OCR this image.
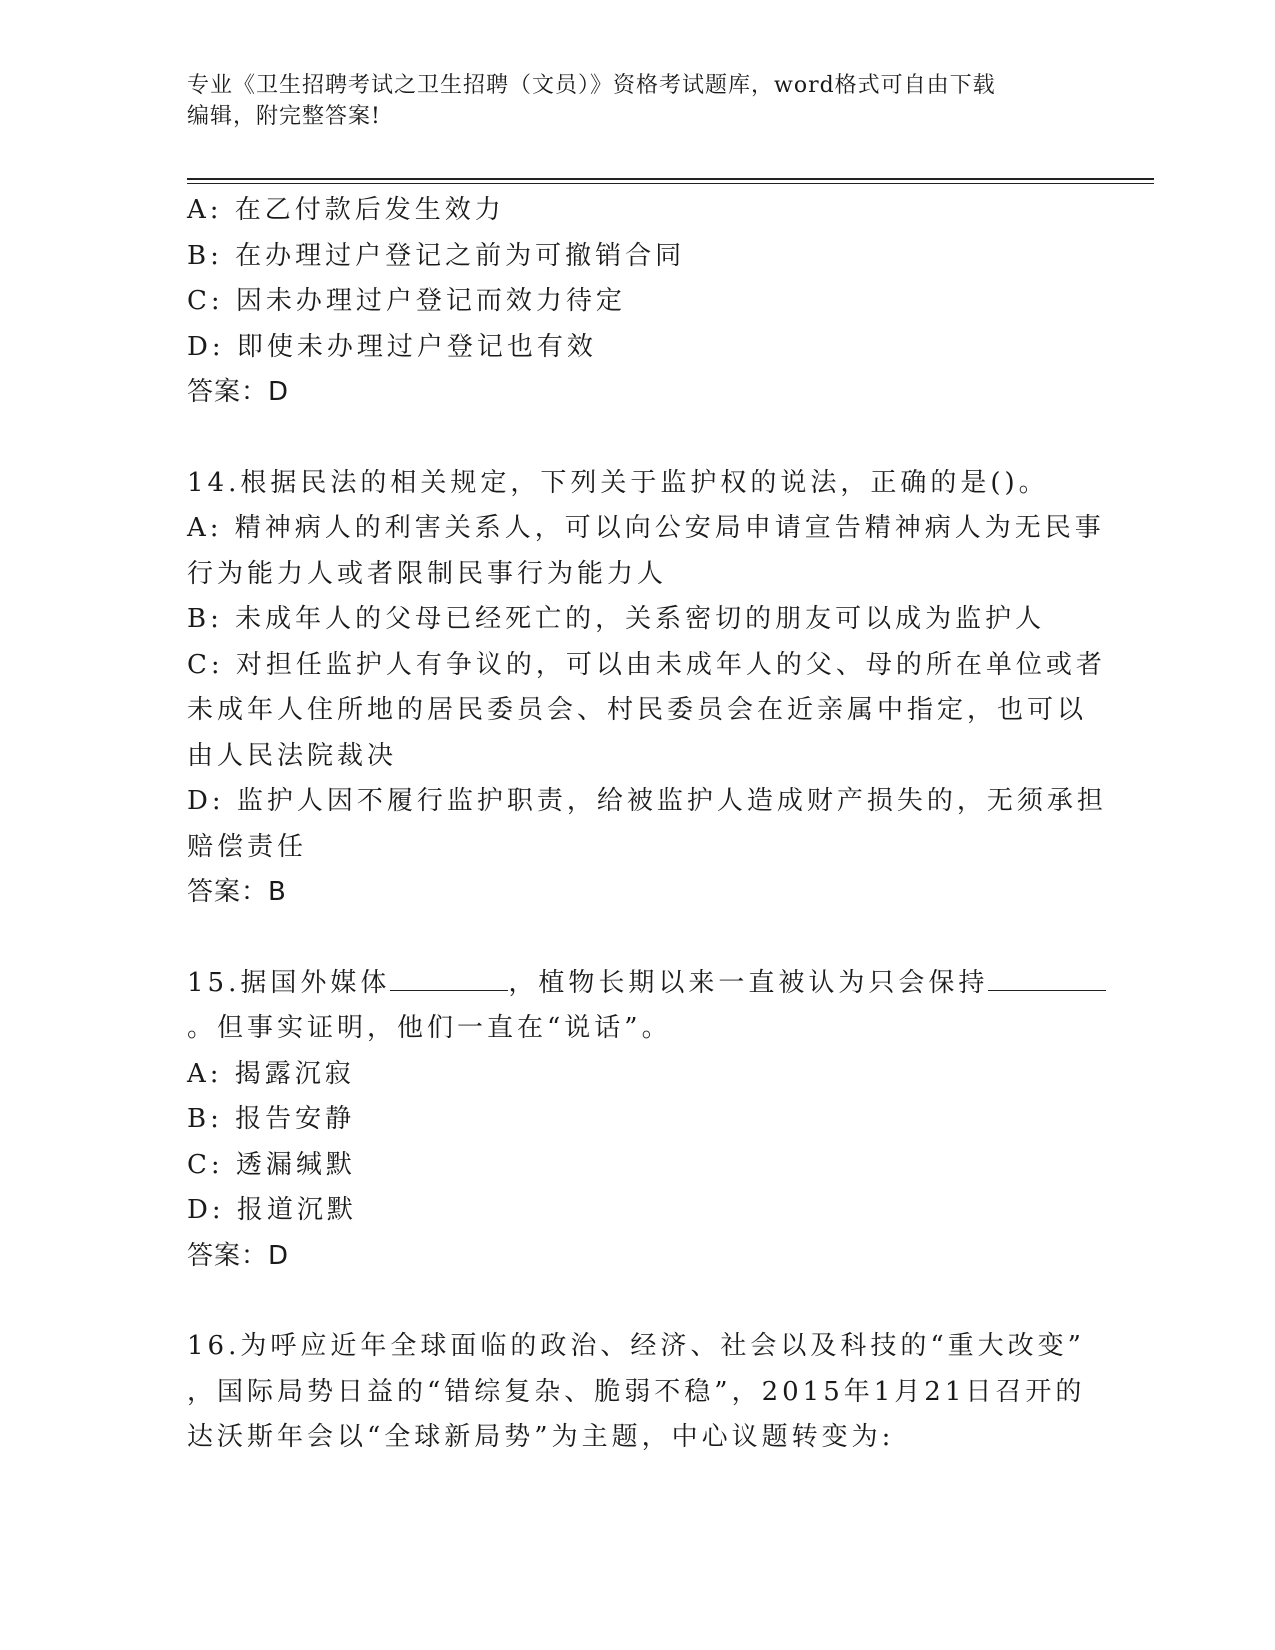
专业《卫生招聘考试之卫生招聘（文员）》资格考试题库，word格式可自由下载
编辑，附完整答案!
A: 在乙付款后发生效力
B: 在办理过户登记之前为可撤销合同
C: 因未办理过户登记而效力待定
D: 即使未办理过户登记也有效
答案：D
14.根据民法的相关规定，下列关于监护权的说法，正确的是()。
A: 精神病人的利害关系人，可以向公安局申请宣告精神病人为无民事
行为能力人或者限制民事行为能力人
B: 未成年人的父母已经死亡的，关系密切的朋友可以成为监护人
C: 对担任监护人有争议的，可以由未成年人的父、母的所在单位或者
未成年人住所地的居民委员会、村民委员会在近亲属中指定，也可以
由人民法院裁决
D: 监护人因不履行监护职责，给被监护人造成财产损失的，无须承担
赔偿责任
答案：B
15.据国外媒体	，植物长期以来一直被认为只会保持
。但事实证明，他们一直在“说话”。
A: 揭露沉寂
B: 报告安静
C: 透漏缄默
D: 报道沉默
答案：D
16.为呼应近年全球面临的政治、经济、社会以及科技的“重大改变”
，国际局势日益的“错综复杂、脆弱不稳”，2015年1月21日召开的
达沃斯年会以“全球新局势”为主题，中心议题转变为:
